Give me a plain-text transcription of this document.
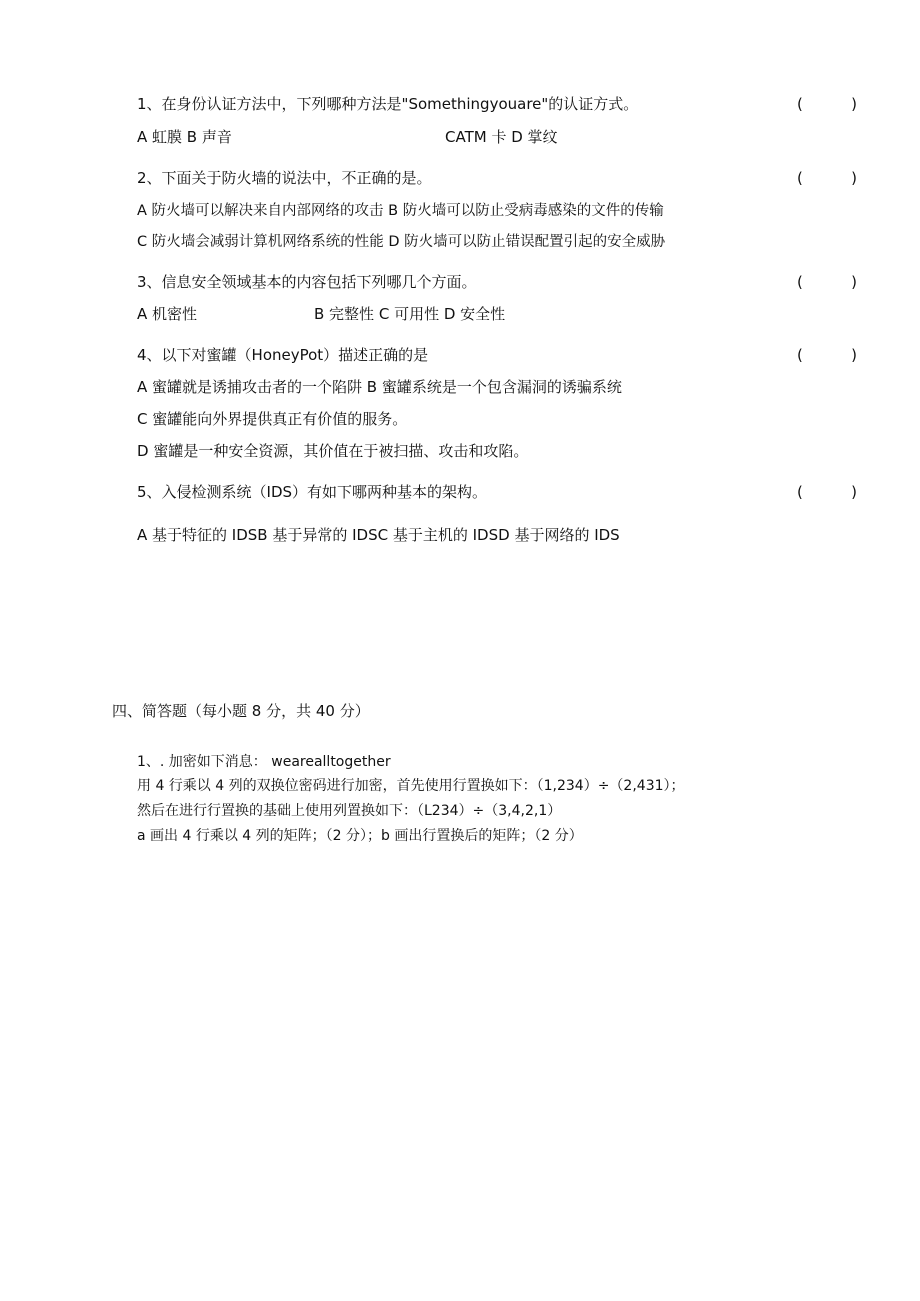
1、在身份认证方法中，下列哪种方法是"Somethingyouare"的认证方式。	(	)
A 虹膜 B 声音	CATM 卡 D 掌纹
2、下面关于防火墙的说法中，不正确的是。	(	)
A 防火墙可以解决来自内部网络的攻击 B 防火墙可以防止受病毒感染的文件的传输
C 防火墙会减弱计算机网络系统的性能 D 防火墙可以防止错误配置引起的安全威胁
3、信息安全领域基本的内容包括下列哪几个方面。	(	)
A 机密性	B 完整性 C 可用性 D 安全性
4、以下对蜜罐（HoneyPot）描述正确的是	(	)
A 蜜罐就是诱捕攻击者的一个陷阱 B 蜜罐系统是一个包含漏洞的诱骗系统
C 蜜罐能向外界提供真正有价值的服务。
D 蜜罐是一种安全资源，其价值在于被扫描、攻击和攻陷。
5、入侵检测系统（IDS）有如下哪两种基本的架构。	(	)
A 基于特征的 IDSB 基于异常的 IDSC 基于主机的 IDSD 基于网络的 IDS
四、简答题（每小题 8 分，共 40 分）
1、. 加密如下消息： wearealltogether
用 4 行乘以 4 列的双换位密码进行加密，首先使用行置换如下：（1,234）÷（2,431）；
然后在进行行置换的基础上使用列置换如下：（L234）÷（3,4,2,1）
a 画出 4 行乘以 4 列的矩阵；（2 分）；b 画出行置换后的矩阵；（2 分）
